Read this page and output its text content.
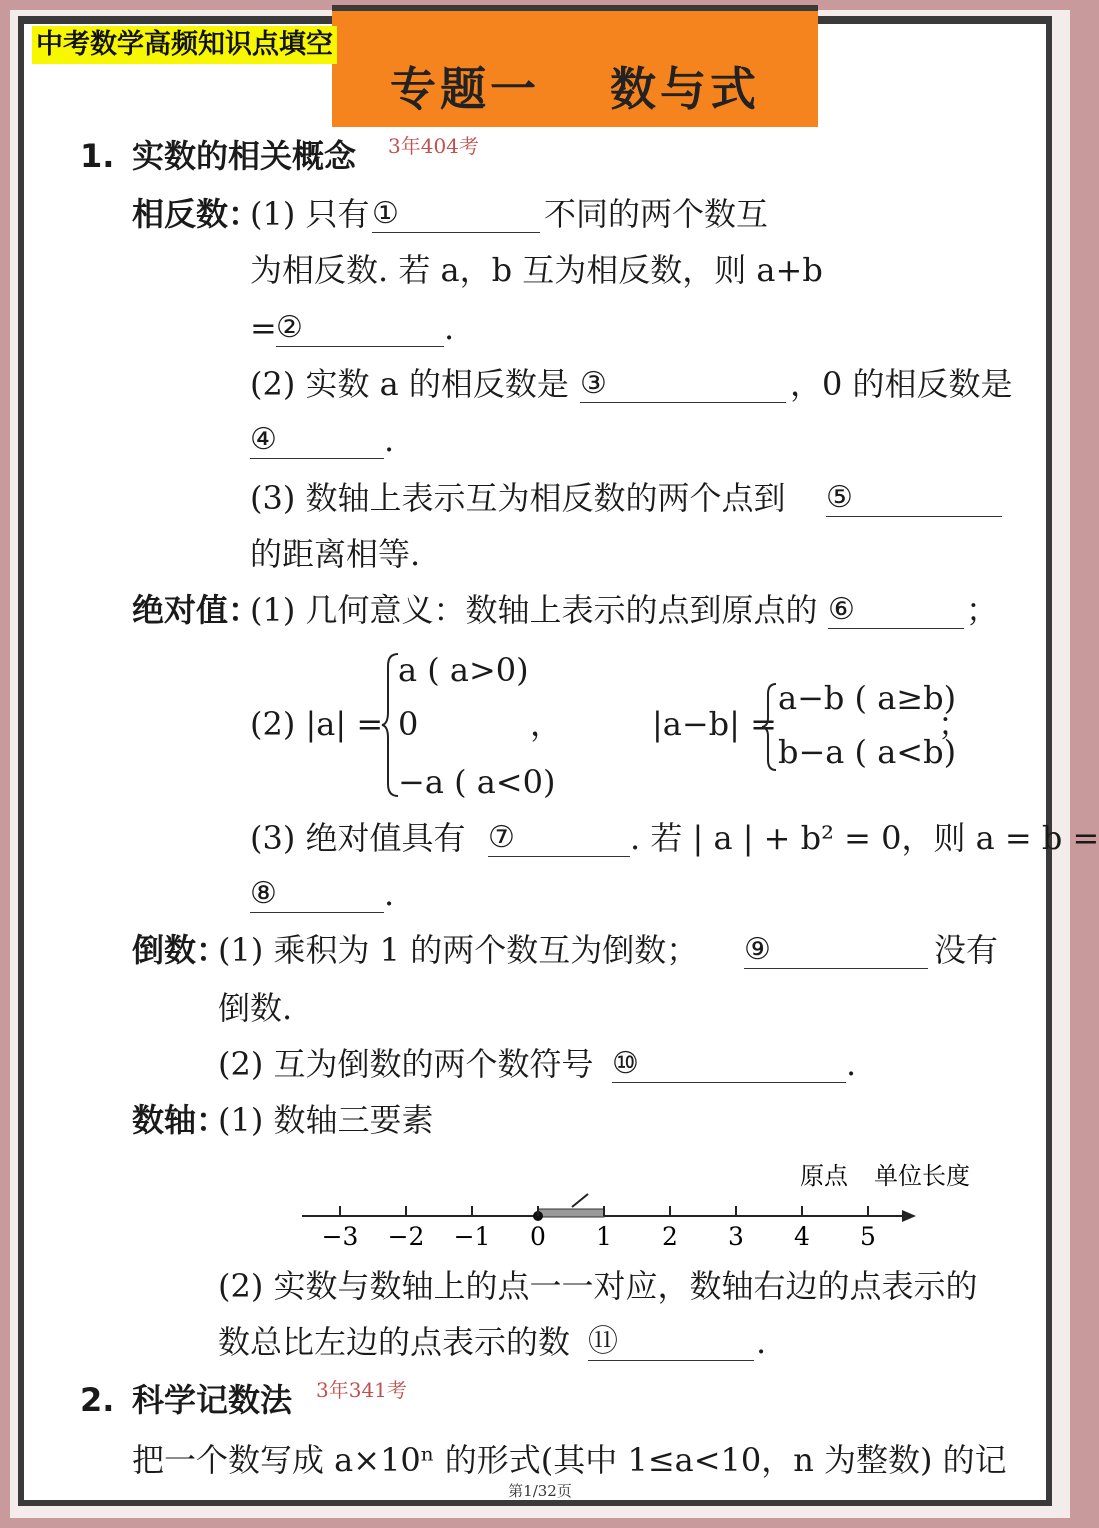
专题一　 数与式
中考数学高频知识点填空
1. 实数的相关概念 3年404考
相反数：
(1) 只有 ①	不同的两个数互
为相反数. 若 a，b 互为相反数，则 a+b
= ②	.
(2) 实数 a 的相反数是 ③	，0 的相反数是
④	.
(3) 数轴上表示互为相反数的两个点到 ⑤
的距离相等.
绝对值：
(1) 几何意义：数轴上表示的点到原点的 ⑥	；
(2) |a| =
a ( a>0)
0
−a ( a<0)
，	|a−b| =
a−b ( a≥b)
b−a ( a<b)
；
(3) 绝对值具有 ⑦	. 若 | a | + b² = 0，则 a = b =
⑧	.
倒数：
(1) 乘积为 1 的两个数互为倒数； ⑨	没有
倒数.
(2) 互为倒数的两个数符号 ⑩	.
数轴：
(1) 数轴三要素
原点 单位长度
−3 −2 −1 0 1 2 3 4 5
(2) 实数与数轴上的点一一对应，数轴右边的点表示的
数总比左边的点表示的数 ⑪	.
2. 科学记数法 3年341考
把一个数写成 a×10ⁿ 的形式(其中 1≤a<10，n 为整数) 的记
第1/32页
